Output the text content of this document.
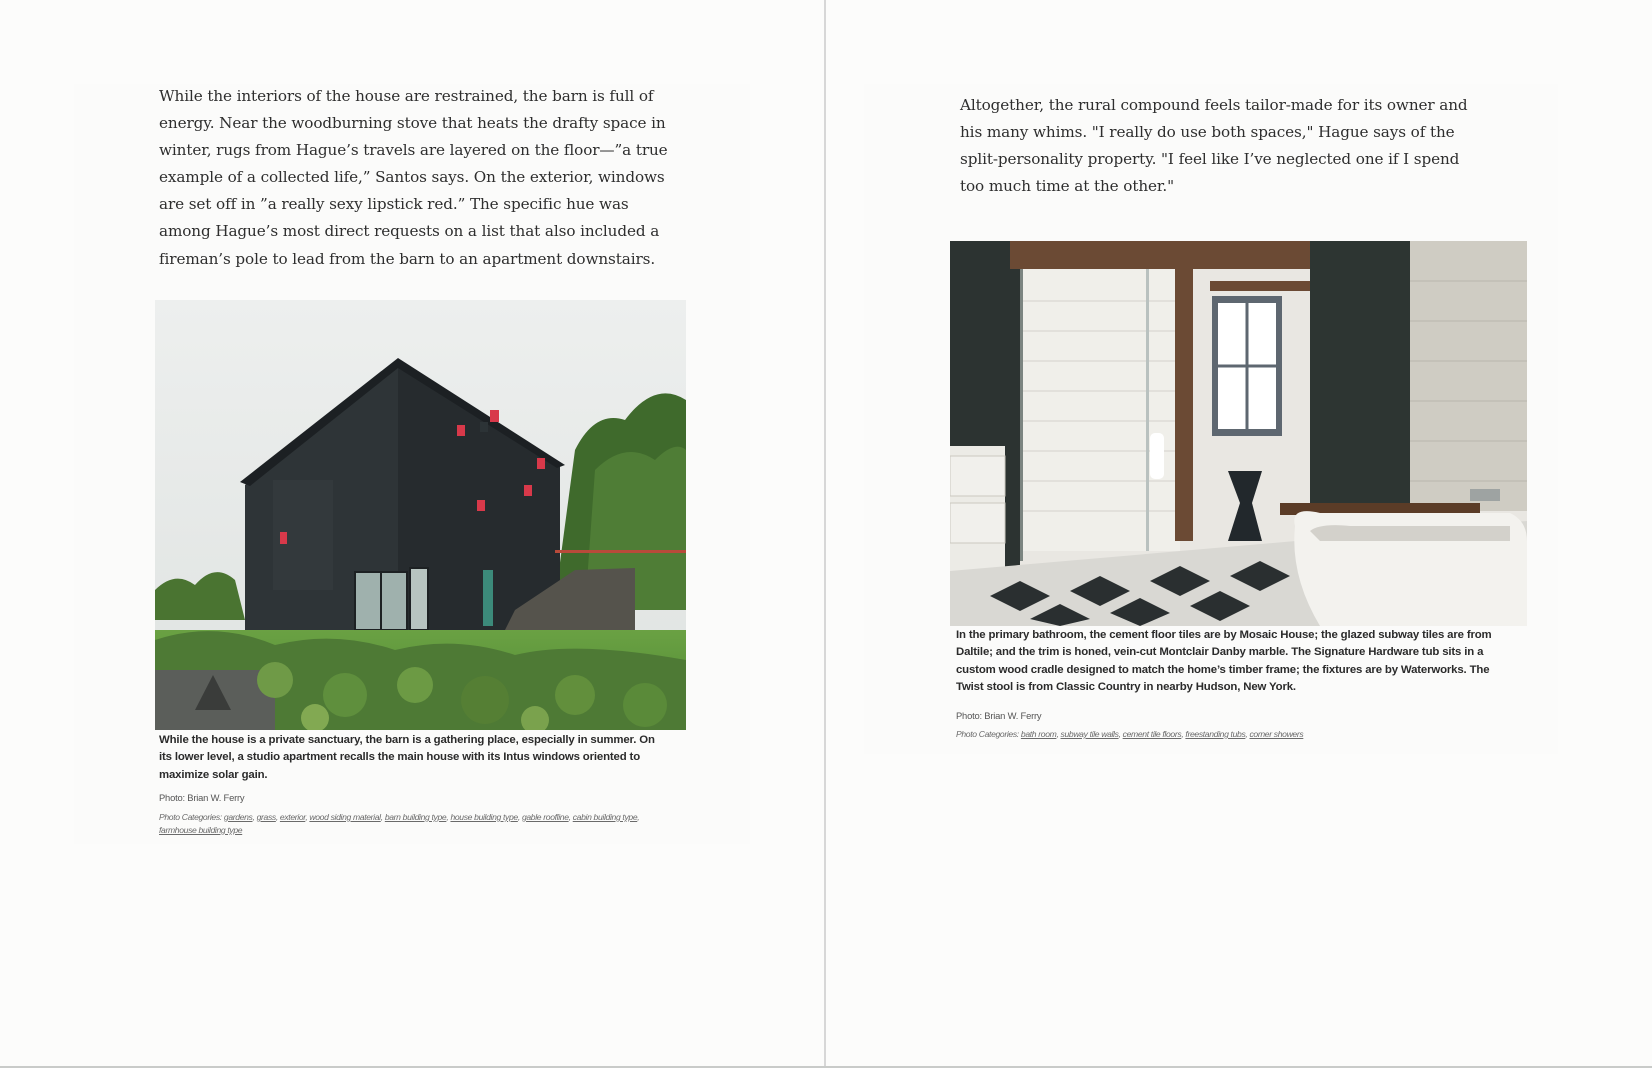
While the interiors of the house are restrained, the barn is full of energy. Near the woodburning stove that heats the drafty space in winter, rugs from Hague’s travels are layered on the floor—”a true example of a collected life,” Santos says. On the exterior, windows are set off in ”a really sexy lipstick red.” The specific hue was among Hague’s most direct requests on a list that also included a fireman’s pole to lead from the barn to an apartment downstairs.

While the house is a private sanctuary, the barn is a gathering place, especially in summer. On its lower level, a studio apartment recalls the main house with its Intus windows oriented to maximize solar gain.

Photo: Brian W. Ferry

Photo Categories: gardens, grass, exterior, wood siding material, barn building type, house building type, gable roofline, cabin building type, farmhouse building type

Altogether, the rural compound feels tailor-made for its owner and his many whims. "I really do use both spaces," Hague says of the split-personality property. "I feel like I’ve neglected one if I spend too much time at the other."

In the primary bathroom, the cement floor tiles are by Mosaic House; the glazed subway tiles are from Daltile; and the trim is honed, vein-cut Montclair Danby marble. The Signature Hardware tub sits in a custom wood cradle designed to match the home’s timber frame; the fixtures are by Waterworks. The Twist stool is from Classic Country in nearby Hudson, New York.

Photo: Brian W. Ferry

Photo Categories: bath room, subway tile walls, cement tile floors, freestanding tubs, corner showers
